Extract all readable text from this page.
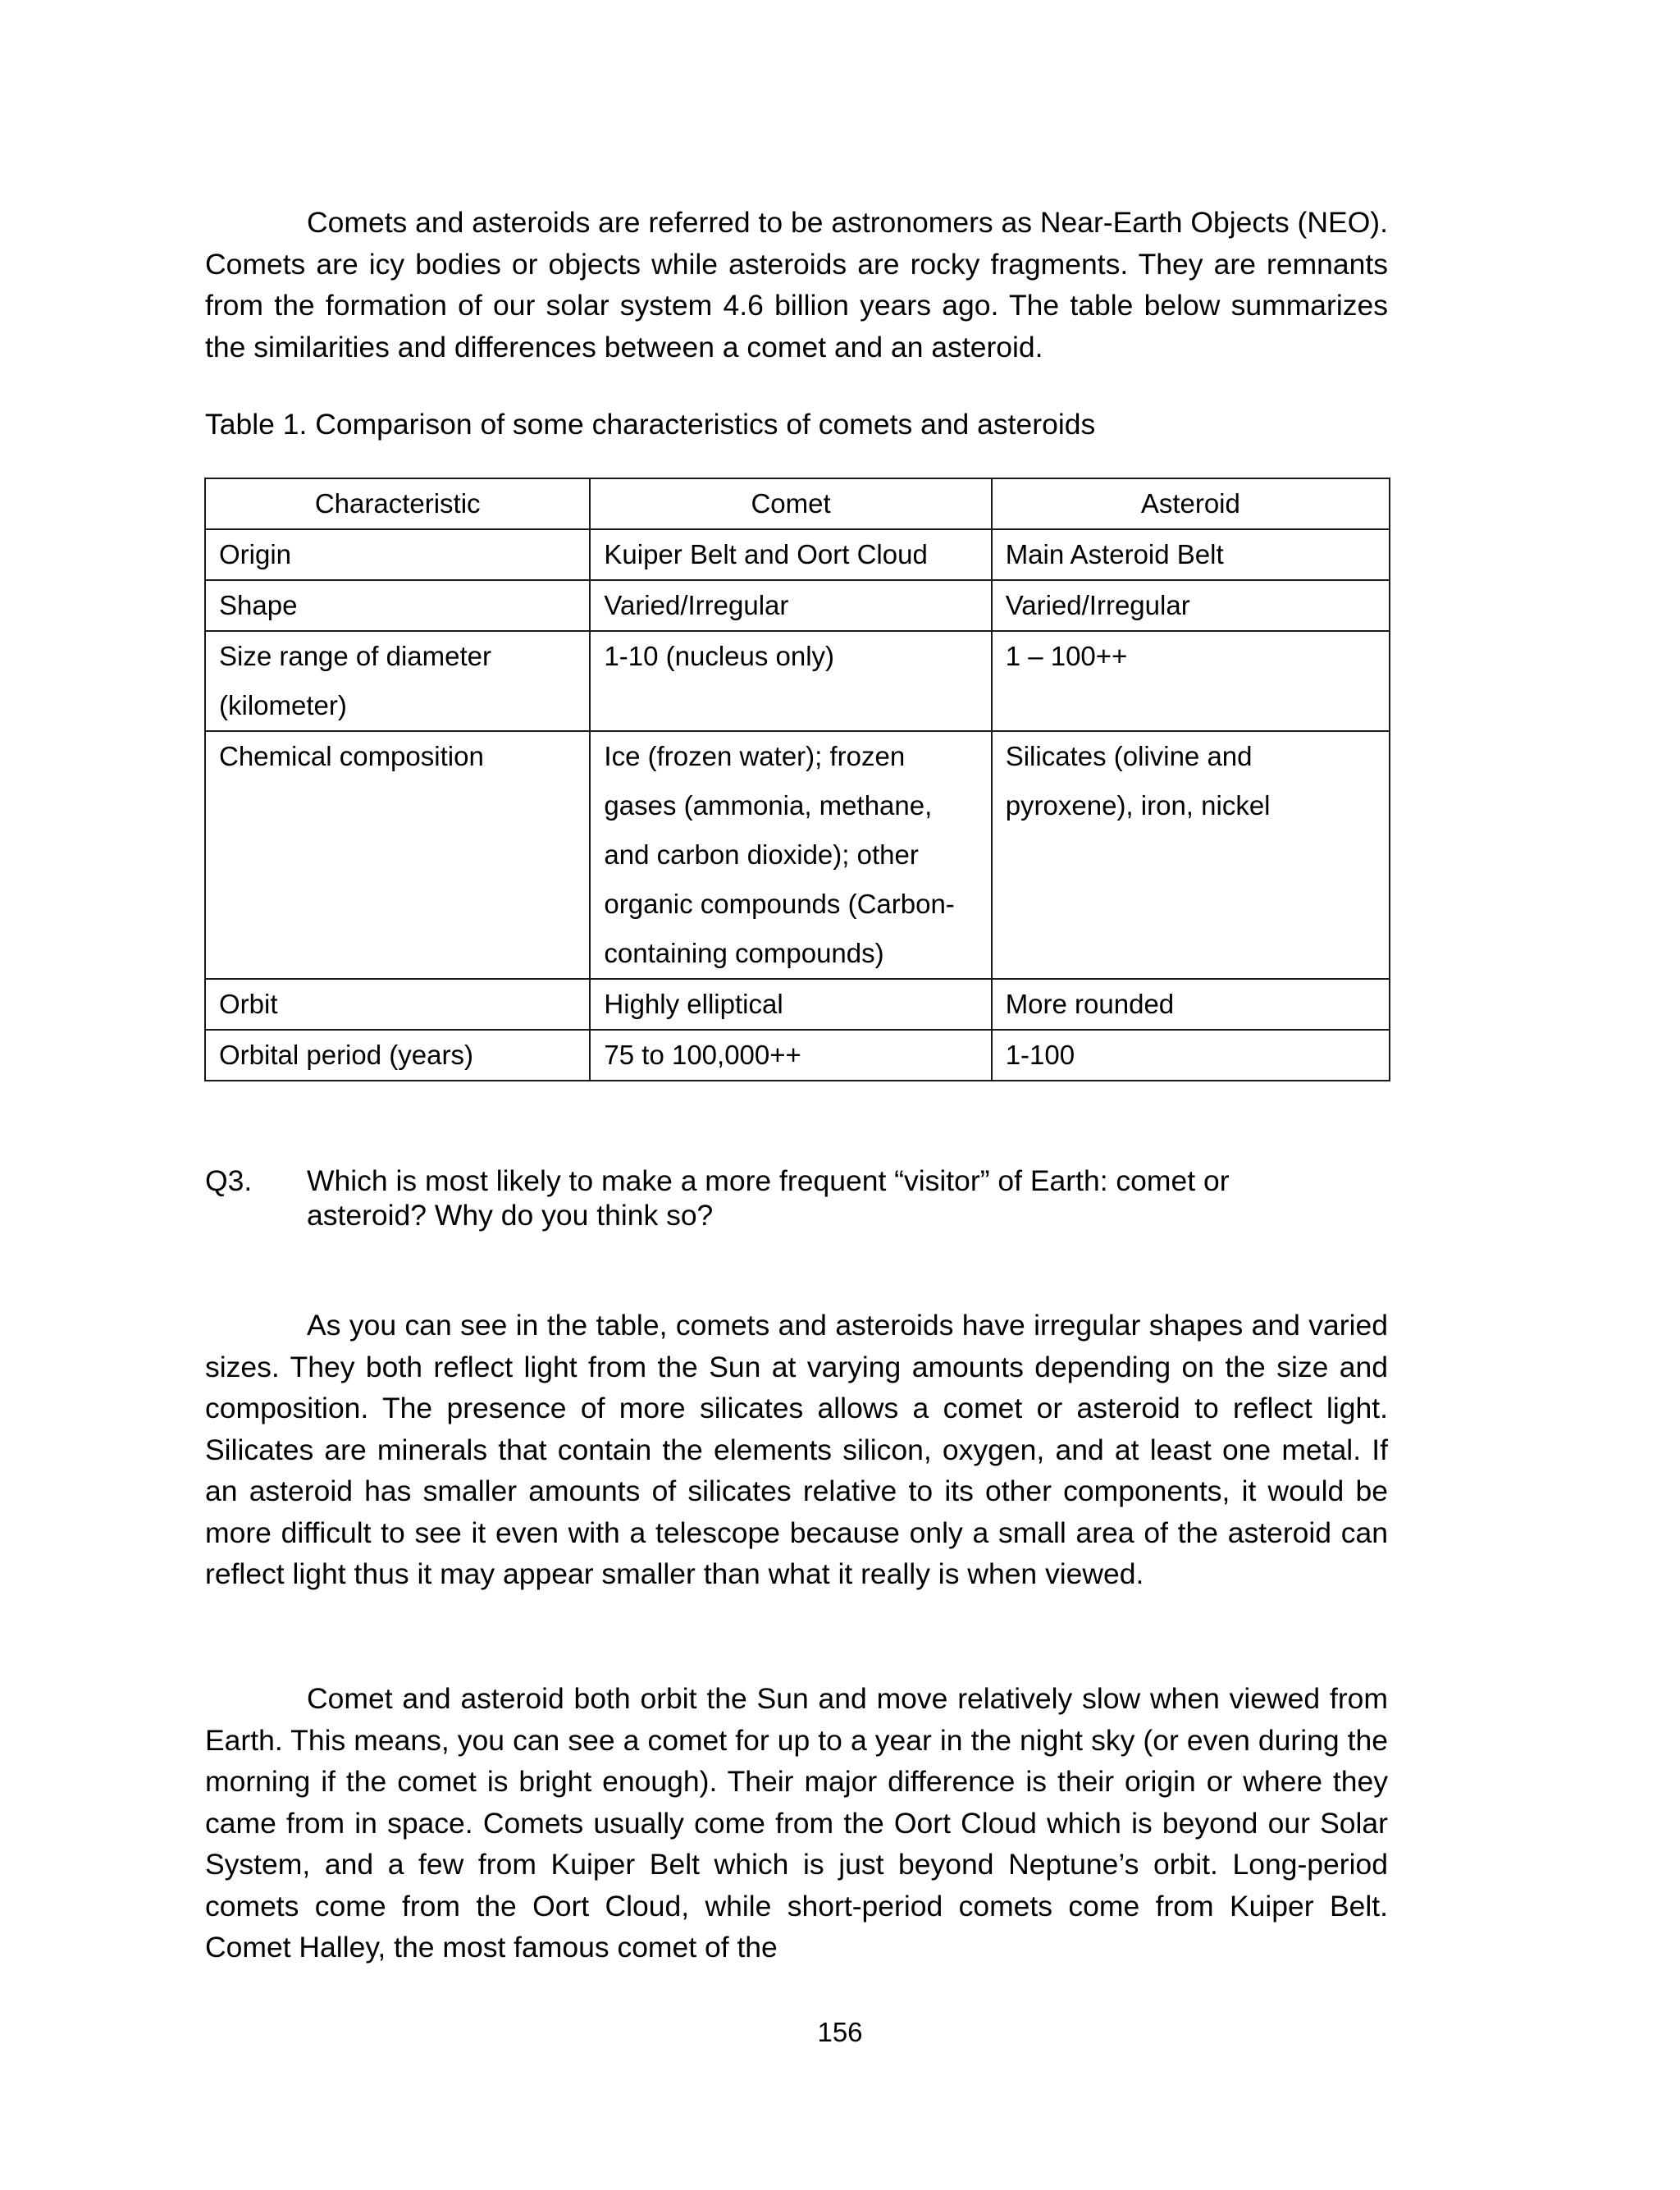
Comets and asteroids are referred to be astronomers as Near-Earth Objects (NEO). Comets are icy bodies or objects while asteroids are rocky fragments. They are remnants from the formation of our solar system 4.6 billion years ago. The table below summarizes the similarities and differences between a comet and an asteroid.

Table 1. Comparison of some characteristics of comets and asteroids

Characteristic	Comet	Asteroid
Origin	Kuiper Belt and Oort Cloud	Main Asteroid Belt
Shape	Varied/Irregular	Varied/Irregular
Size range of diameter (kilometer)	1-10 (nucleus only)	1 – 100++
Chemical composition	Ice (frozen water); frozen gases (ammonia, methane, and carbon dioxide); other organic compounds (Carbon-containing compounds)	Silicates (olivine and pyroxene), iron, nickel
Orbit	Highly elliptical	More rounded
Orbital period (years)	75 to 100,000++	1-100
Q3. Which is most likely to make a more frequent “visitor” of Earth: comet or asteroid? Why do you think so?

As you can see in the table, comets and asteroids have irregular shapes and varied sizes. They both reflect light from the Sun at varying amounts depending on the size and composition. The presence of more silicates allows a comet or asteroid to reflect light. Silicates are minerals that contain the elements silicon, oxygen, and at least one metal. If an asteroid has smaller amounts of silicates relative to its other components, it would be more difficult to see it even with a telescope because only a small area of the asteroid can reflect light thus it may appear smaller than what it really is when viewed.

Comet and asteroid both orbit the Sun and move relatively slow when viewed from Earth. This means, you can see a comet for up to a year in the night sky (or even during the morning if the comet is bright enough). Their major difference is their origin or where they came from in space. Comets usually come from the Oort Cloud which is beyond our Solar System, and a few from Kuiper Belt which is just beyond Neptune’s orbit. Long-period comets come from the Oort Cloud, while short-period comets come from Kuiper Belt. Comet Halley, the most famous comet of the

156
